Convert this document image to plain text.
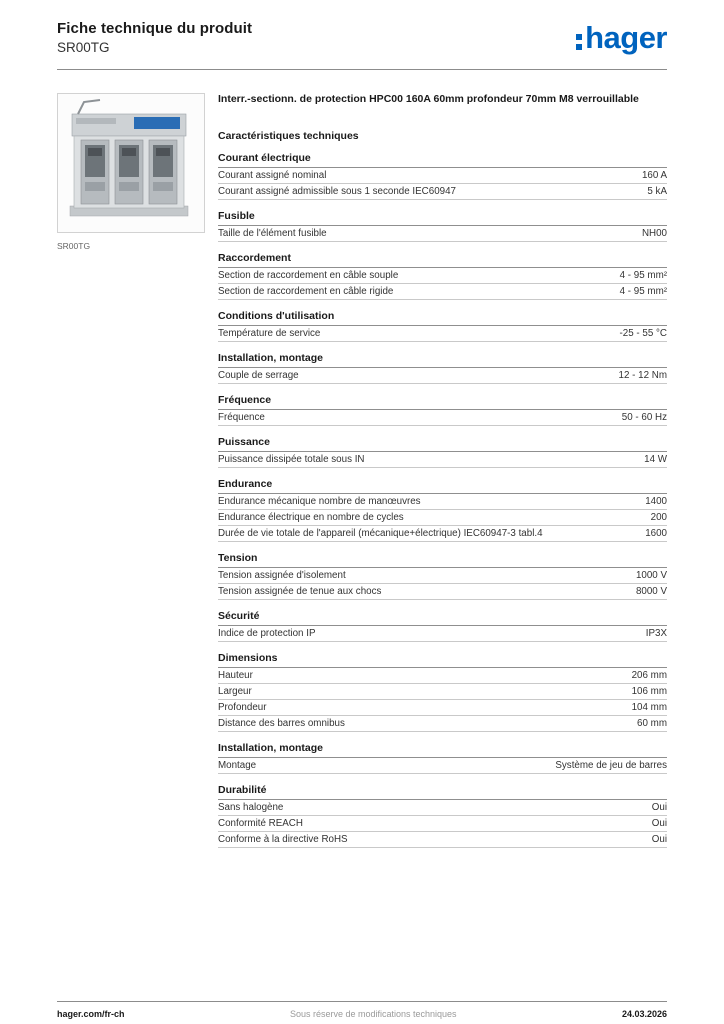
Fiche technique du produit
SR00TG	hager
SR00TG
Interr.-sectionn. de protection HPC00 160A 60mm profondeur 70mm M8 verrouillable
Caractéristiques techniques
Courant électrique
Courant assigné nominal	160 A
Courant assigné admissible sous 1 seconde IEC60947	5 kA
Fusible
Taille de l'élément fusible	NH00
Raccordement
Section de raccordement en câble souple	4 - 95 mm²
Section de raccordement en câble rigide	4 - 95 mm²
Conditions d'utilisation
Température de service	-25 - 55 °C
Installation, montage
Couple de serrage	12 - 12 Nm
Fréquence
Fréquence	50 - 60 Hz
Puissance
Puissance dissipée totale sous IN	14 W
Endurance
Endurance mécanique nombre de manœuvres	1400
Endurance électrique en nombre de cycles	200
Durée de vie totale de l'appareil (mécanique+électrique) IEC60947-3 tabl.4	1600
Tension
Tension assignée d'isolement	1000 V
Tension assignée de tenue aux chocs	8000 V
Sécurité
Indice de protection IP	IP3X
Dimensions
Hauteur	206 mm
Largeur	106 mm
Profondeur	104 mm
Distance des barres omnibus	60 mm
Installation, montage
Montage	Système de jeu de barres
Durabilité
Sans halogène	Oui
Conformité REACH	Oui
Conforme à la directive RoHS	Oui
hager.com/fr-ch	Sous réserve de modifications techniques	24.03.2026
